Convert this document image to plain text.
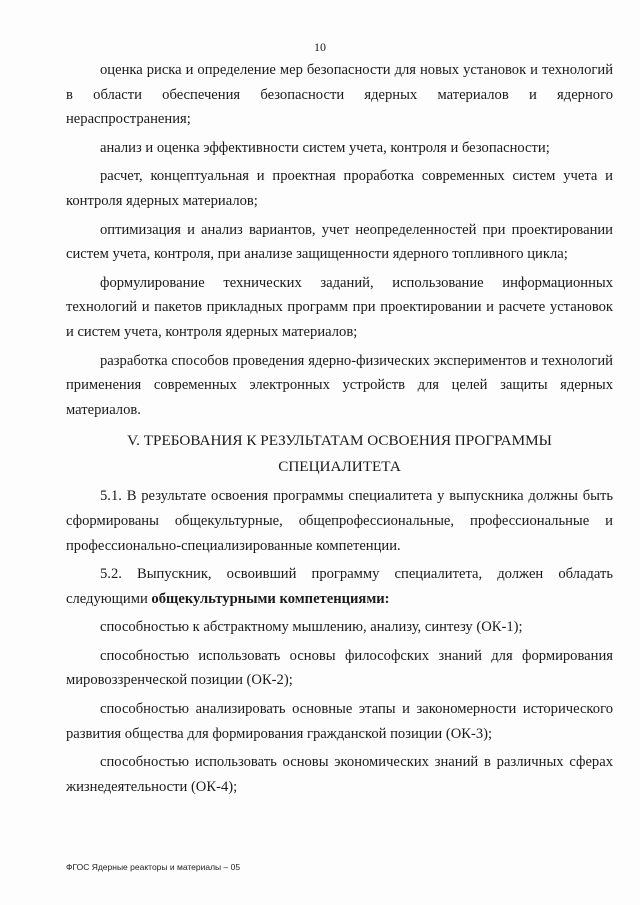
10

оценка риска и определение мер безопасности для новых установок и технологий в области обеспечения безопасности ядерных материалов и ядерного нераспространения;

анализ и оценка эффективности систем учета, контроля и безопасности;

расчет, концептуальная и проектная проработка современных систем учета и контроля ядерных материалов;

оптимизация и анализ вариантов, учет неопределенностей при проектировании систем учета, контроля, при анализе защищенности ядерного топливного цикла;

формулирование технических заданий, использование информационных технологий и пакетов прикладных программ при проектировании и расчете установок и систем учета, контроля ядерных материалов;

разработка способов проведения ядерно-физических экспериментов и технологий применения современных электронных устройств для целей защиты ядерных материалов.

V. ТРЕБОВАНИЯ К РЕЗУЛЬТАТАМ ОСВОЕНИЯ ПРОГРАММЫ
СПЕЦИАЛИТЕТА

5.1. В результате освоения программы специалитета у выпускника должны быть сформированы общекультурные, общепрофессиональные, профессиональные и профессионально-специализированные компетенции.

5.2. Выпускник, освоивший программу специалитета, должен обладать следующими общекультурными компетенциями:

способностью к абстрактному мышлению, анализу, синтезу (ОК-1);

способностью использовать основы философских знаний для формирования мировоззренческой позиции (ОК-2);

способностью анализировать основные этапы и закономерности исторического развития общества для формирования гражданской позиции (ОК-3);

способностью использовать основы экономических знаний в различных сферах жизнедеятельности (ОК-4);

ФГОС Ядерные реакторы и материалы – 05
